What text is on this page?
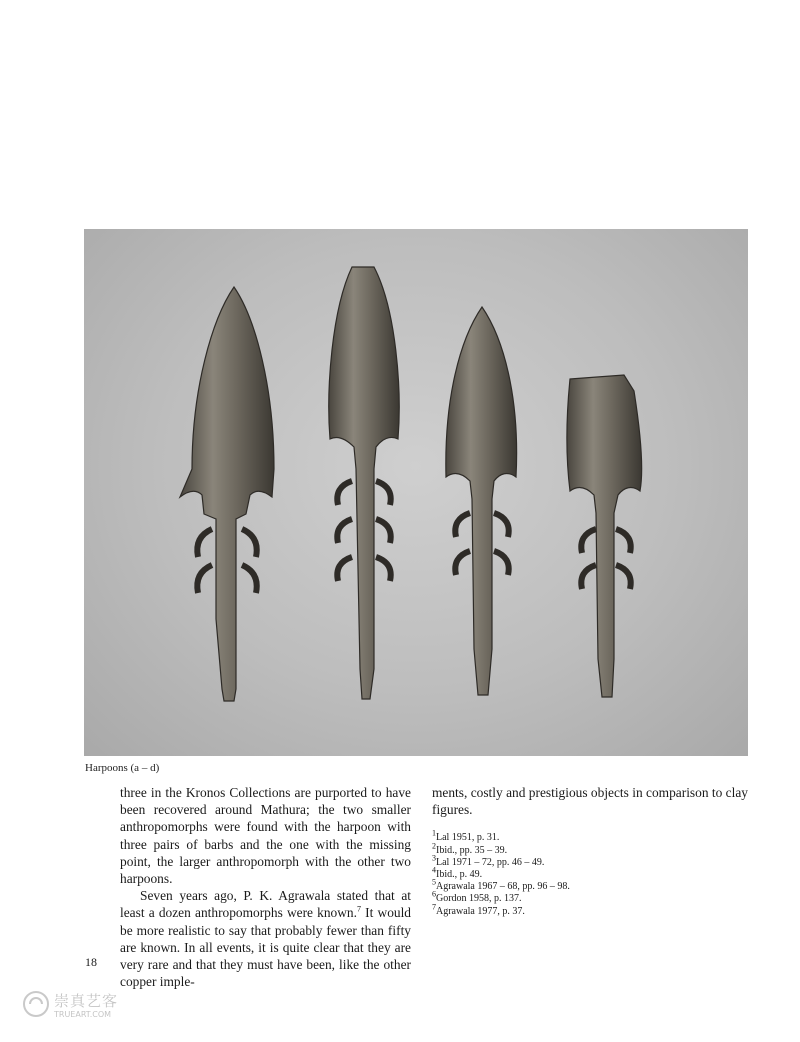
Harpoons (a – d)

three in the Kronos Collections are purported to have been recovered around Mathura; the two smaller anthropomorphs were found with the harpoon with three pairs of barbs and the one with the missing point, the larger anthropomorph with the other two harpoons.

Seven years ago, P. K. Agrawala stated that at least a dozen anthropomorphs were known.$^7$ It would be more realistic to say that probably fewer than fifty are known. In all events, it is quite clear that they are very rare and that they must have been, like the other copper imple-

ments, costly and prestigious objects in comparison to clay figures.

$^1$Lal 1951, p. 31.
$^2$Ibid., pp. 35 – 39.
$^3$Lal 1971 – 72, pp. 46 – 49.
$^4$Ibid., p. 49.
$^5$Agrawala 1967 – 68, pp. 96 – 98.
$^6$Gordon 1958, p. 137.
$^7$Agrawala 1977, p. 37.
18
崇真艺客
TRUEART.COM
